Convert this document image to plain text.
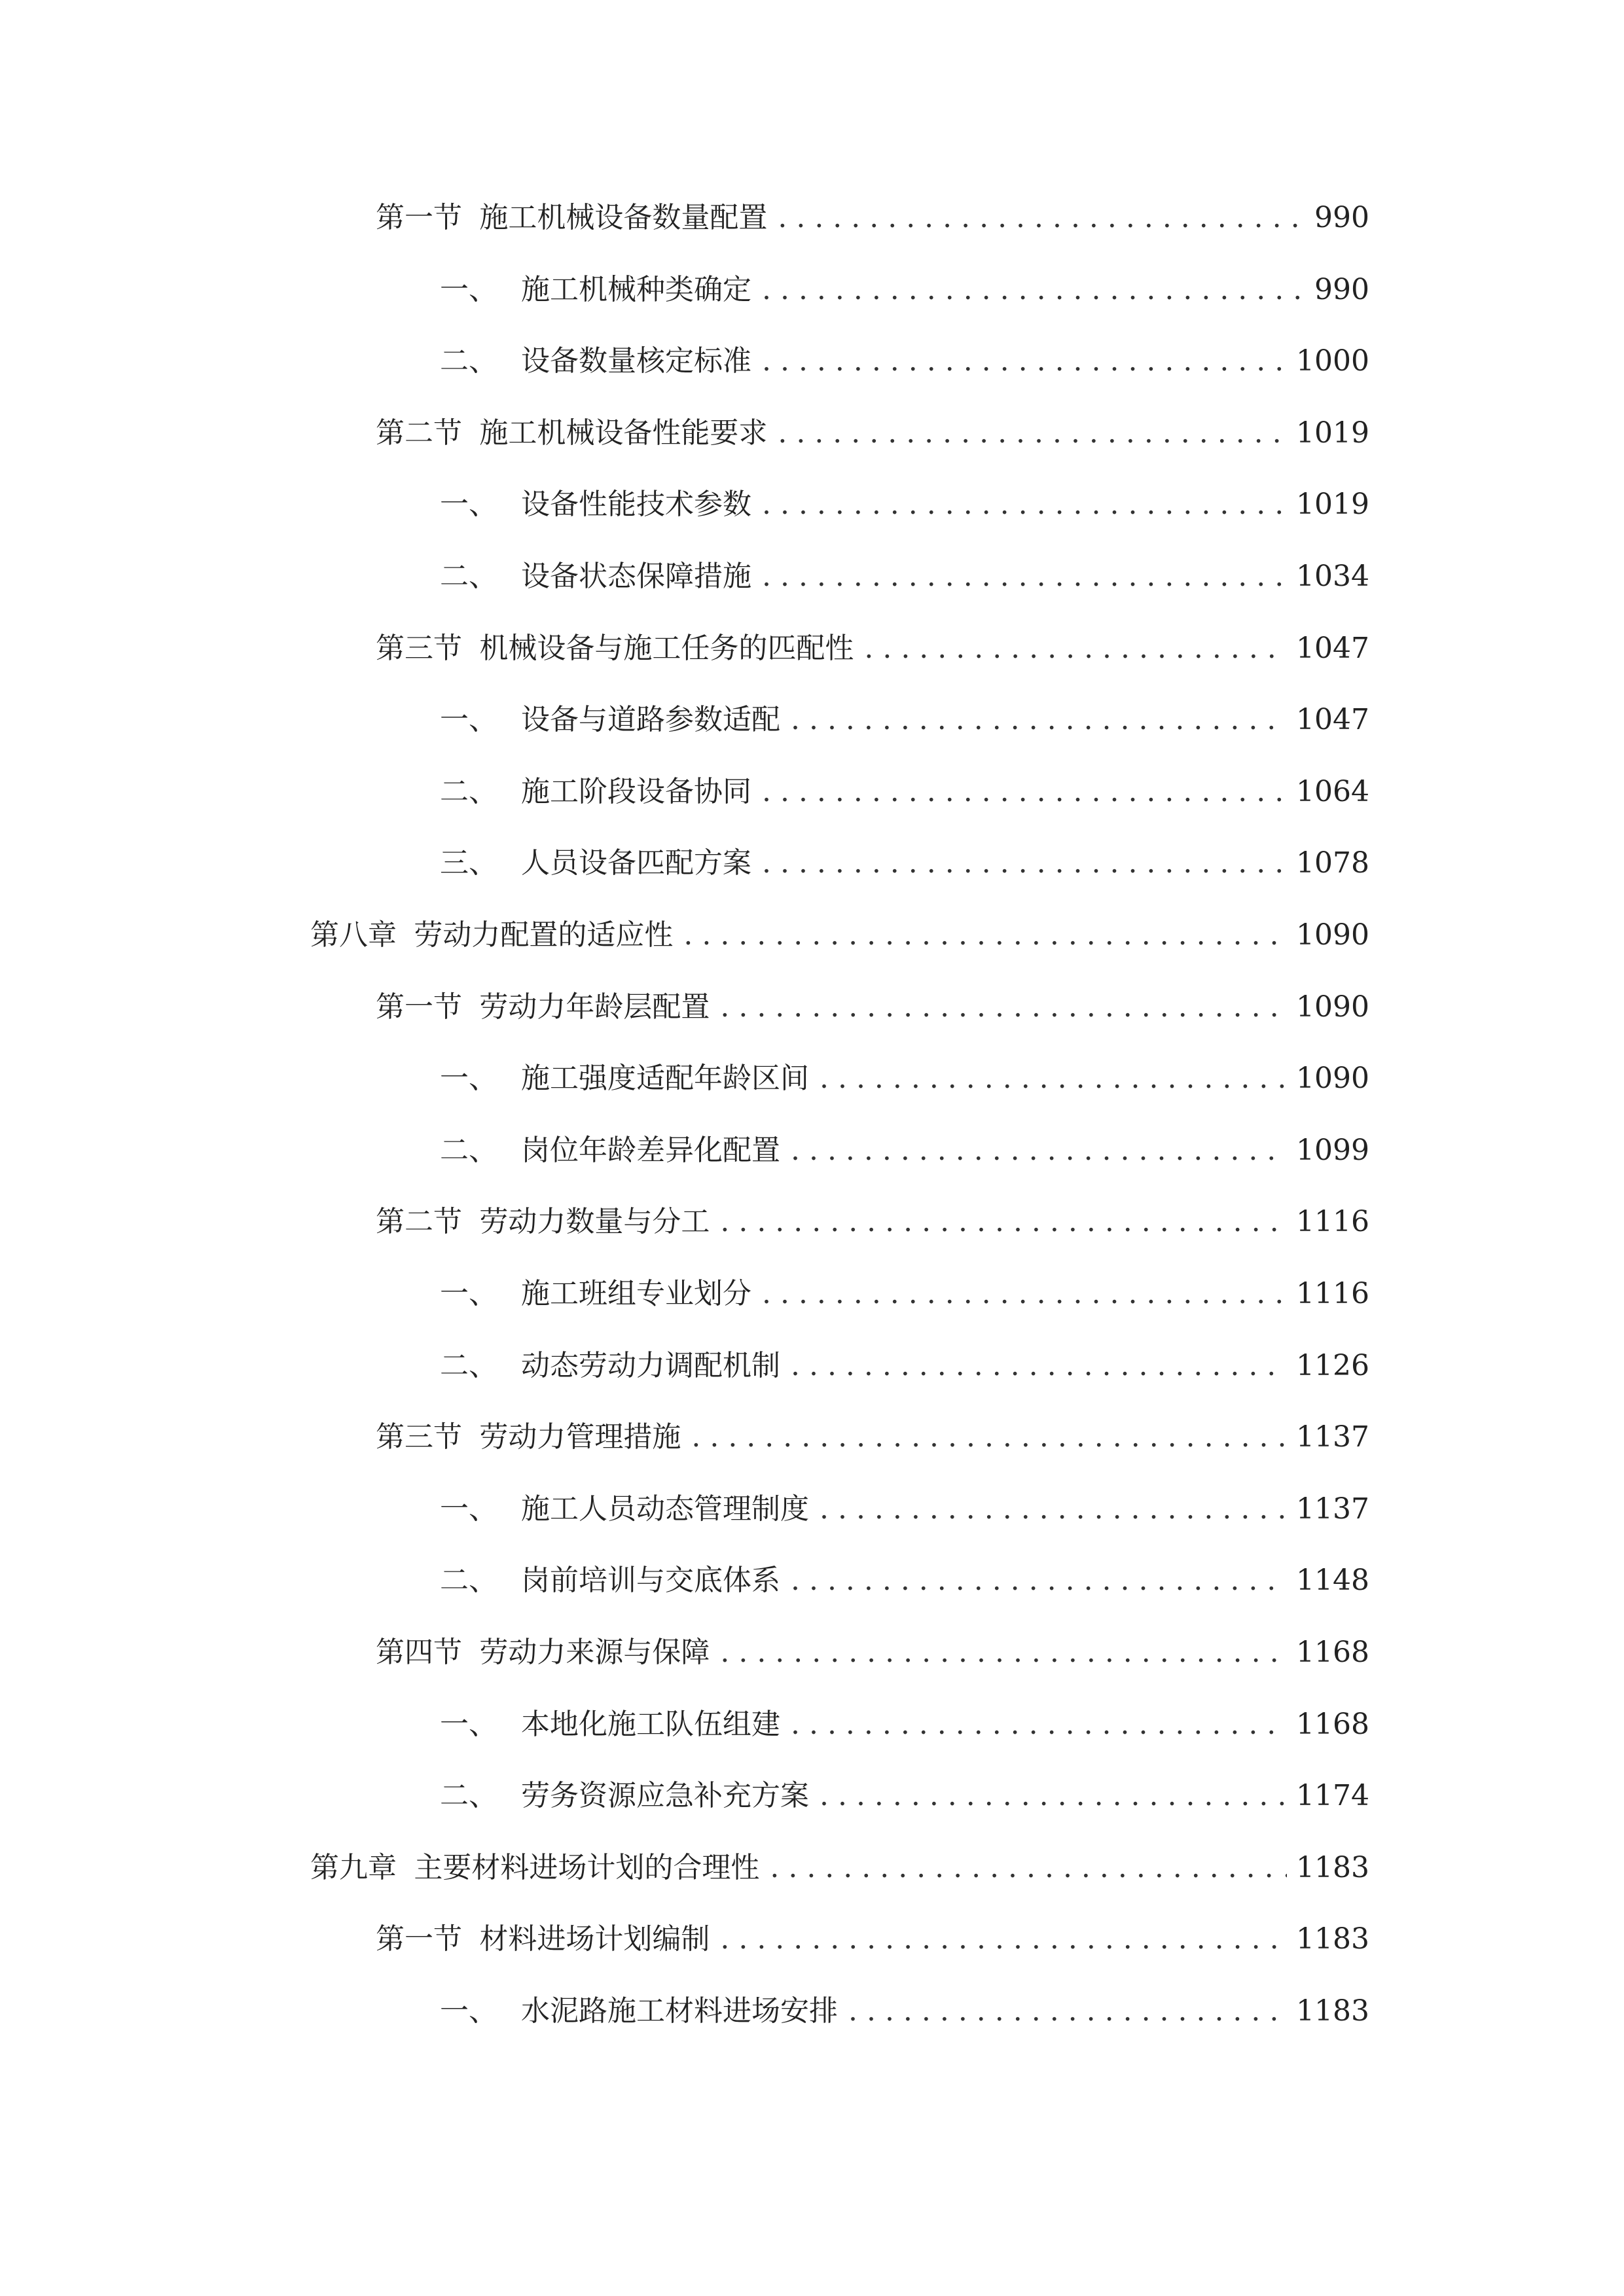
第一节 施工机械设备数量配置 . . .	990
一、 施工机械种类确定 . . .	990
二、 设备数量核定标准 . . .	1000
第二节 施工机械设备性能要求 . . .	1019
一、 设备性能技术参数 . . .	1019
二、 设备状态保障措施 . . .	1034
第三节 机械设备与施工任务的匹配性 . . .	1047
一、 设备与道路参数适配 . . .	1047
二、 施工阶段设备协同 . . .	1064
三、 人员设备匹配方案 . . .	1078
第八章 劳动力配置的适应性 . . .	1090
第一节 劳动力年龄层配置 . . .	1090
一、 施工强度适配年龄区间 . . .	1090
二、 岗位年龄差异化配置 . . .	1099
第二节 劳动力数量与分工 . . .	1116
一、 施工班组专业划分 . . .	1116
二、 动态劳动力调配机制 . . .	1126
第三节 劳动力管理措施 . . .	1137
一、 施工人员动态管理制度 . . .	1137
二、 岗前培训与交底体系 . . .	1148
第四节 劳动力来源与保障 . . .	1168
一、 本地化施工队伍组建 . . .	1168
二、 劳务资源应急补充方案 . . .	1174
第九章 主要材料进场计划的合理性 . . .	1183
第一节 材料进场计划编制 . . .	1183
一、 水泥路施工材料进场安排 . . .	1183
